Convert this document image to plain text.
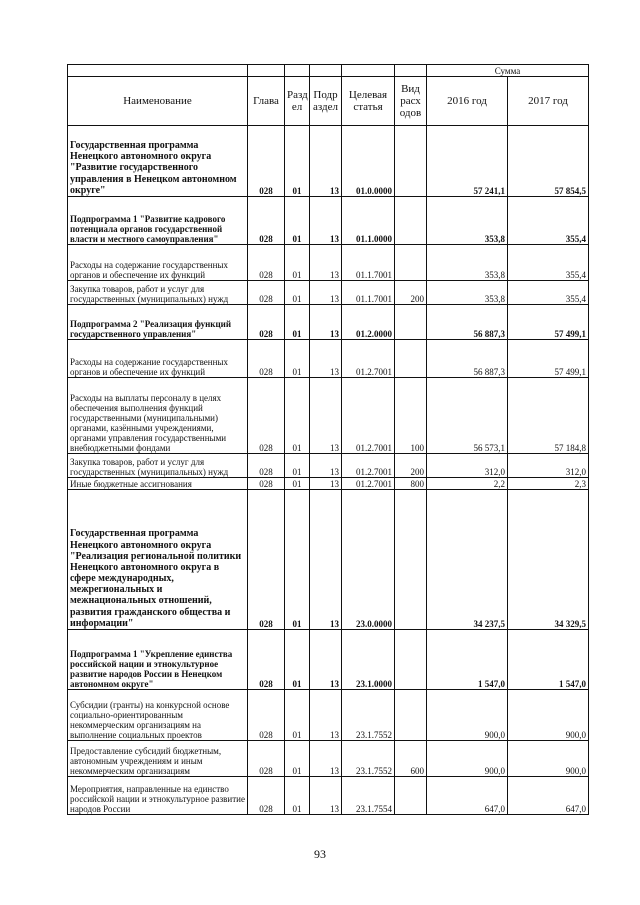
						Сумма	
Наименование	Глава	Разд ел	Подр аздел	Целевая статья	Вид расх одов	2016 год	2017 год
Государственная программа Ненецкого автономного округа "Развитие государственного управления в Ненецком автономном округе"	028	01	13	01.0.0000		57 241,1	57 854,5
Подпрограмма 1 "Развитие кадрового потенциала органов государственной власти и местного самоуправления"	028	01	13	01.1.0000		353,8	355,4
Расходы на содержание государственных органов и обеспечение их функций	028	01	13	01.1.7001		353,8	355,4
Закупка товаров, работ и услуг для государственных (муниципальных) нужд	028	01	13	01.1.7001	200	353,8	355,4
Подпрограмма 2 "Реализация функций государственного управления"	028	01	13	01.2.0000		56 887,3	57 499,1
Расходы на содержание государственных органов и обеспечение их функций	028	01	13	01.2.7001		56 887,3	57 499,1
Расходы на выплаты персоналу в целях обеспечения выполнения функций государственными (муниципальными) органами, казёнными учреждениями, органами управления государственными внебюджетными фондами	028	01	13	01.2.7001	100	56 573,1	57 184,8
Закупка товаров, работ и услуг для государственных (муниципальных) нужд	028	01	13	01.2.7001	200	312,0	312,0
Иные бюджетные ассигнования	028	01	13	01.2.7001	800	2,2	2,3
Государственная программа Ненецкого автономного округа "Реализация региональной политики Ненецкого автономного округа в сфере международных, межрегиональных и межнациональных отношений, развития гражданского общества и информации"	028	01	13	23.0.0000		34 237,5	34 329,5
Подпрограмма 1 "Укрепление единства российской нации и этнокультурное развитие народов России в Ненецком автономном округе"	028	01	13	23.1.0000		1 547,0	1 547,0
Субсидии (гранты) на конкурсной основе социально-ориентированным некоммерческим организациям на выполнение социальных проектов	028	01	13	23.1.7552		900,0	900,0
Предоставление субсидий бюджетным, автономным учреждениям и иным некоммерческим организациям	028	01	13	23.1.7552	600	900,0	900,0
Мероприятия, направленные на единство российской нации и этнокультурное развитие народов России	028	01	13	23.1.7554		647,0	647,0
93
